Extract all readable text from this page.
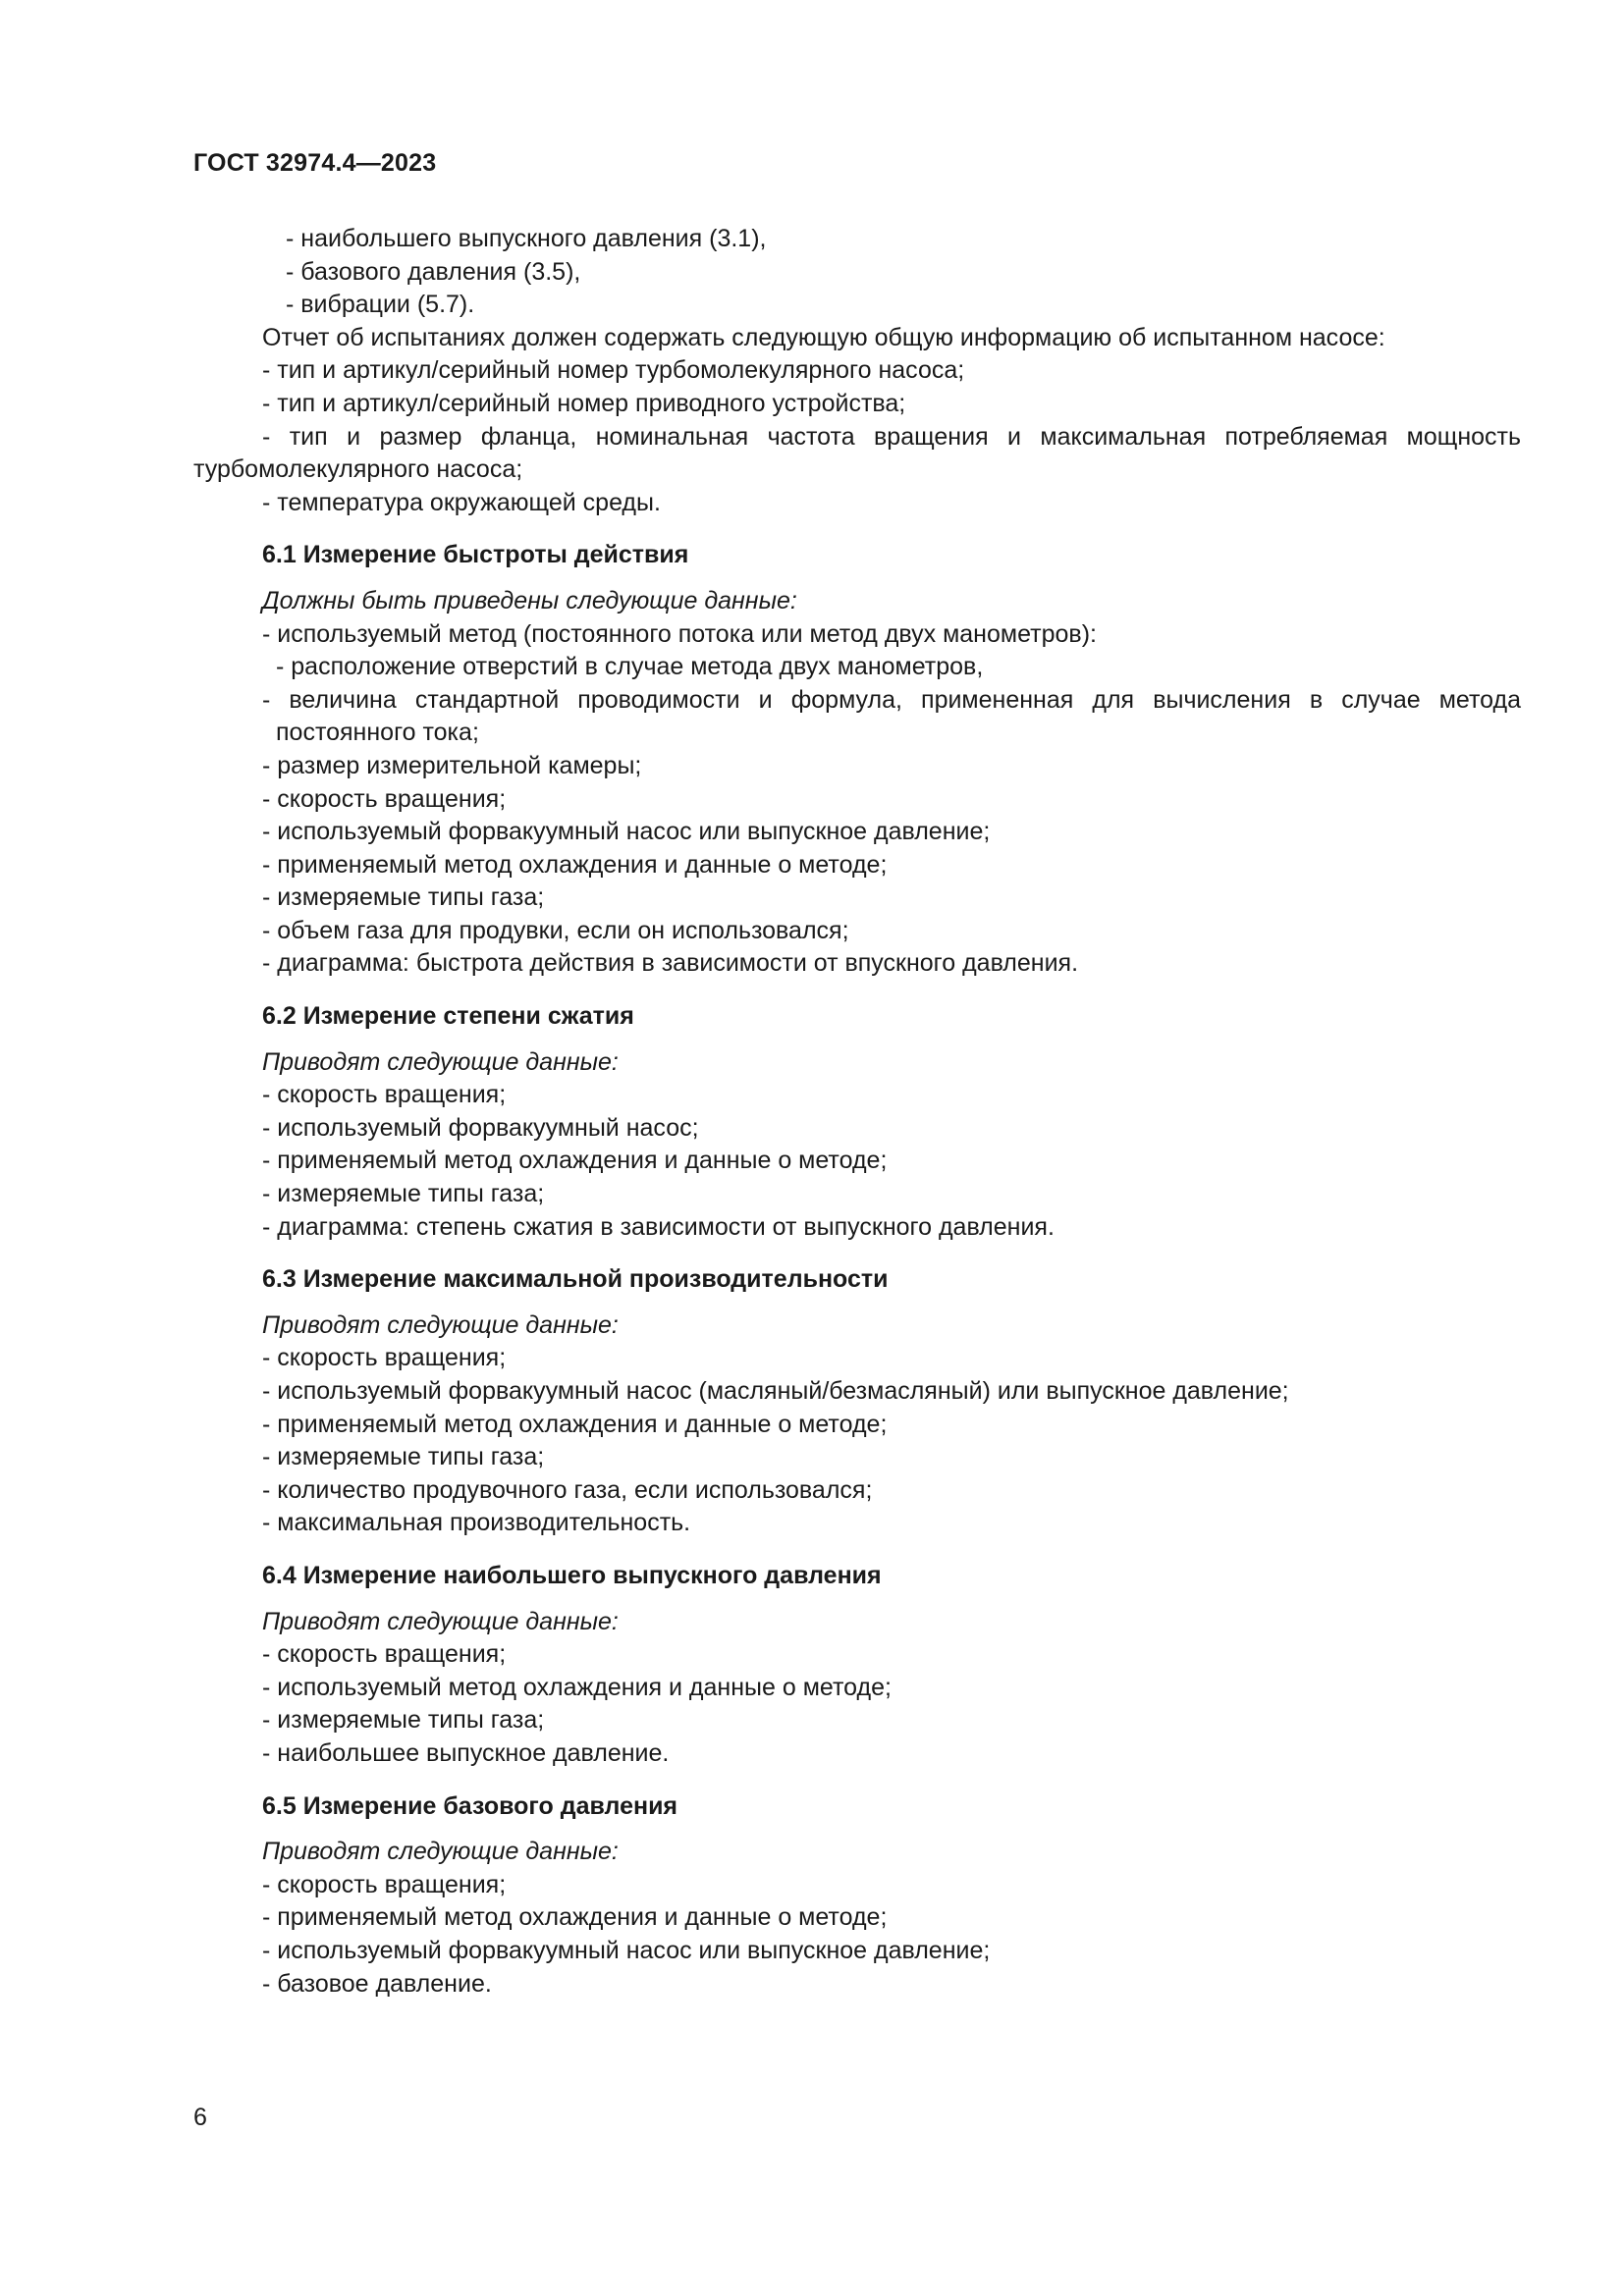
ГОСТ 32974.4—2023
- наибольшего выпускного давления (3.1),
- базового давления (3.5),
- вибрации (5.7).
Отчет об испытаниях должен содержать следующую общую информацию об испытанном насосе:
- тип и артикул/серийный номер турбомолекулярного насоса;
- тип и артикул/серийный номер приводного устройства;
- тип и размер фланца, номинальная частота вращения и максимальная потребляемая мощность турбомолекулярного насоса;
- температура окружающей среды.
6.1 Измерение быстроты действия
Должны быть приведены следующие данные:
- используемый метод (постоянного потока или метод двух манометров):
- расположение отверстий в случае метода двух манометров,
- величина стандартной проводимости и формула, примененная для вычисления в случае метода постоянного тока;
- размер измерительной камеры;
- скорость вращения;
- используемый форвакуумный насос или выпускное давление;
- применяемый метод охлаждения и данные о методе;
- измеряемые типы газа;
- объем газа для продувки, если он использовался;
- диаграмма: быстрота действия в зависимости от впускного давления.
6.2 Измерение степени сжатия
Приводят следующие данные:
- скорость вращения;
- используемый форвакуумный насос;
- применяемый метод охлаждения и данные о методе;
- измеряемые типы газа;
- диаграмма: степень сжатия в зависимости от выпускного давления.
6.3 Измерение максимальной производительности
Приводят следующие данные:
- скорость вращения;
- используемый форвакуумный насос (масляный/безмасляный) или выпускное давление;
- применяемый метод охлаждения и данные о методе;
- измеряемые типы газа;
- количество продувочного газа, если использовался;
- максимальная производительность.
6.4 Измерение наибольшего выпускного давления
Приводят следующие данные:
- скорость вращения;
- используемый метод охлаждения и данные о методе;
- измеряемые типы газа;
- наибольшее выпускное давление.
6.5 Измерение базового давления
Приводят следующие данные:
- скорость вращения;
- применяемый метод охлаждения и данные о методе;
- используемый форвакуумный насос или выпускное давление;
- базовое давление.
6
